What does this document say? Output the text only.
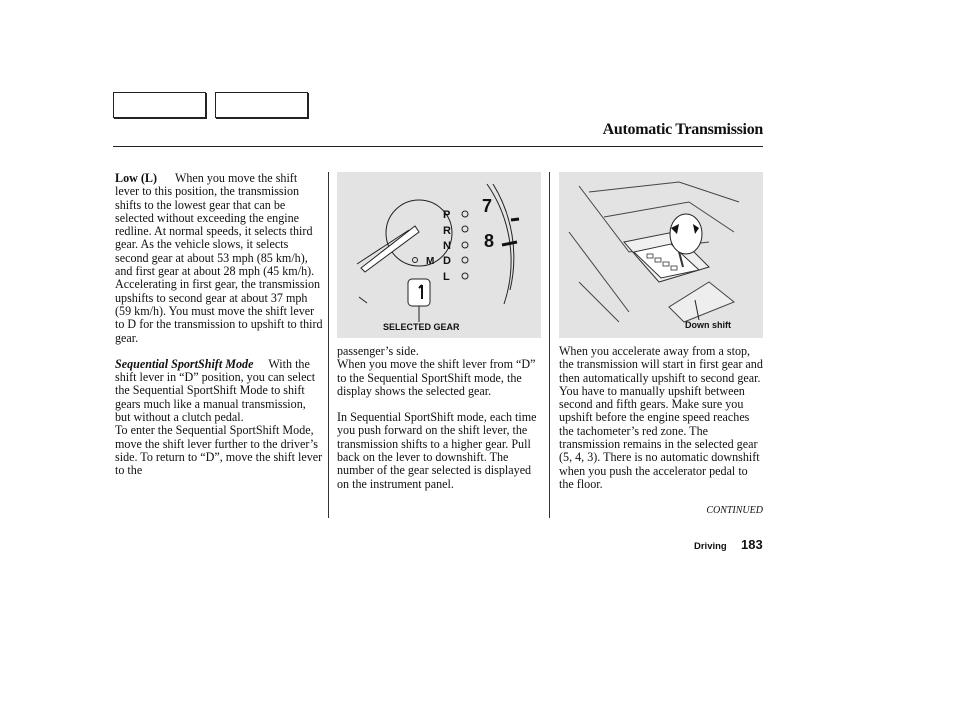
Automatic Transmission

Low (L) When you move the shift lever to this position, the transmission shifts to the lowest gear that can be selected without exceeding the engine redline. At normal speeds, it selects third gear. As the vehicle slows, it selects second gear at about 53 mph (85 km/h), and first gear at about 28 mph (45 km/h). Accelerating in first gear, the transmission upshifts to second gear at about 37 mph (59 km/h). You must move the shift lever to D for the transmission to upshift to third gear.

Sequential SportShift Mode With the shift lever in “D” position, you can select the Sequential SportShift Mode to shift gears much like a manual transmission, but without a clutch pedal.

To enter the Sequential SportShift Mode, move the shift lever further to the driver’s side. To return to “D”, move the shift lever to the

7
8
P
R
N
D
L
M
SELECTED GEAR	Down shift

passenger’s side.

When you move the shift lever from “D” to the Sequential SportShift mode, the display shows the selected gear.

In Sequential SportShift mode, each time you push forward on the shift lever, the transmission shifts to a higher gear. Pull back on the lever to downshift. The number of the gear selected is displayed on the instrument panel.

When you accelerate away from a stop, the transmission will start in first gear and then automatically upshift to second gear. You have to manually upshift between second and fifth gears. Make sure you upshift before the engine speed reaches the tachometer’s red zone. The transmission remains in the selected gear (5, 4, 3). There is no automatic downshift when you push the accelerator pedal to the floor.

CONTINUED
Driving 183
